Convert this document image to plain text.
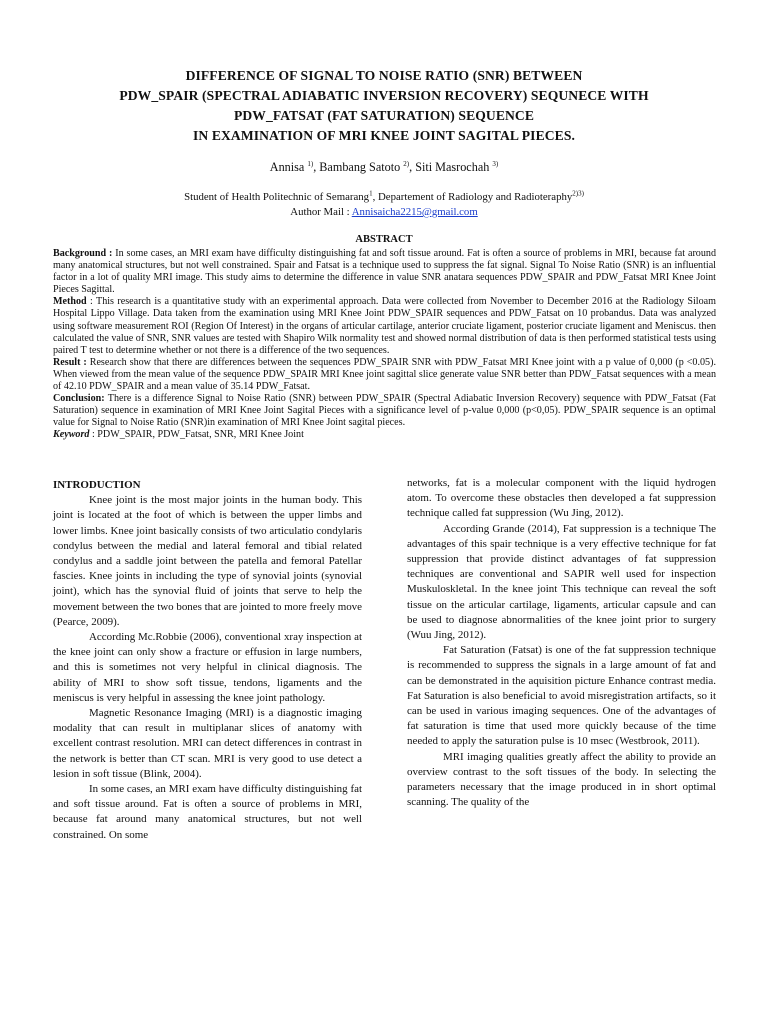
DIFFERENCE OF SIGNAL TO NOISE RATIO (SNR) BETWEEN
PDW_SPAIR (SPECTRAL ADIABATIC INVERSION RECOVERY) SEQUNECE WITH
PDW_FATSAT (FAT SATURATION) SEQUENCE
IN EXAMINATION OF MRI KNEE JOINT SAGITAL PIECES.
Annisa $^{1)}$, Bambang Satoto $^{2)}$, Siti Masrochah $^{3)}$
Student of Health Politechnic of Semarang$^1$, Departement of Radiology and Radioteraphy$^{2)3)}$
Author Mail : Annisaicha2215@gmail.com
ABSTRACT

Background : In some cases, an MRI exam have difficulty distinguishing fat and soft tissue around. Fat is often a source of problems in MRI, because fat around many anatomical structures, but not well constrained. Spair and Fatsat is a technique used to suppress the fat signal. Signal To Noise Ratio (SNR) is an influential factor in a lot of quality MRI image. This study aims to determine the difference in value SNR anatara sequences PDW_SPAIR and PDW_Fatsat MRI Knee Joint Pieces Sagittal.

Method : This research is a quantitative study with an experimental approach. Data were collected from November to December 2016 at the Radiology Siloam Hospital Lippo Village. Data taken from the examination using MRI Knee Joint PDW_SPAIR sequences and PDW_Fatsat on 10 probandus. Data was analyzed using software measurement ROI (Region Of Interest) in the organs of articular cartilage, anterior cruciate ligament, posterior cruciate ligament and Meniscus. then calculated the value of SNR, SNR values are tested with Shapiro Wilk normality test and showed normal distribution of data is then performed statistical tests using paired T test to determine whether or not there is a difference of the two sequences.

Result : Research show that there are differences between the sequences PDW_SPAIR SNR with PDW_Fatsat MRI Knee joint with a p value of 0,000 (p <0.05). When viewed from the mean value of the sequence PDW_SPAIR MRI Knee joint sagittal slice generate value SNR better than PDW_Fatsat sequences with a mean of 42.10 PDW_SPAIR and a mean value of 35.14 PDW_Fatsat.

Conclusion: There is a difference Signal to Noise Ratio (SNR) between PDW_SPAIR (Spectral Adiabatic Inversion Recovery) sequence with PDW_Fatsat (Fat Saturation) sequence in examination of MRI Knee Joint Sagital Pieces with a significance level of p-value 0,000 (p<0,05). PDW_SPAIR sequence is an optimal value for Signal to Noise Ratio (SNR)in examination of MRI Knee Joint sagital pieces.

Keyword : PDW_SPAIR, PDW_Fatsat, SNR, MRI Knee Joint

INTRODUCTION

Knee joint is the most major joints in the human body. This joint is located at the foot of which is between the upper limbs and lower limbs. Knee joint basically consists of two articulatio condylaris condylus between the medial and lateral femoral and tibial related condylus and a saddle joint between the patella and femoral Patellar fascies. Knee joints in including the type of synovial joints (synovial joint), which has the synovial fluid of joints that serve to help the movement between the two bones that are jointed to more freely move (Pearce, 2009).

According Mc.Robbie (2006), conventional xray inspection at the knee joint can only show a fracture or effusion in large numbers, and this is sometimes not very helpful in clinical diagnosis. The ability of MRI to show soft tissue, tendons, ligaments and the meniscus is very helpful in assessing the knee joint pathology.

Magnetic Resonance Imaging (MRI) is a diagnostic imaging modality that can result in multiplanar slices of anatomy with excellent contrast resolution. MRI can detect differences in contrast in the network is better than CT scan. MRI is very good to use detect a lesion in soft tissue (Blink, 2004).

In some cases, an MRI exam have difficulty distinguishing fat and soft tissue around. Fat is often a source of problems in MRI, because fat around many anatomical structures, but not well constrained. On some

networks, fat is a molecular component with the liquid hydrogen atom. To overcome these obstacles then developed a fat suppression technique called fat suppression (Wu Jing, 2012).

According Grande (2014), Fat suppression is a technique The advantages of this spair technique is a very effective technique for fat suppression that provide distinct advantages of fat suppression techniques are conventional and SAPIR well used for inspection Muskuloskletal. In the knee joint This technique can reveal the soft tissue on the articular cartilage, ligaments, articular capsule and can be used to diagnose abnormalities of the knee joint prior to surgery (Wuu Jing, 2012).

Fat Saturation (Fatsat) is one of the fat suppression technique is recommended to suppress the signals in a large amount of fat and can be demonstrated in the aquisition picture Enhance contrast media. Fat Saturation is also beneficial to avoid misregistration artifacts, so it can be used in various imaging sequences. One of the advantages of fat saturation is time that used more quickly because of the time needed to apply the saturation pulse is 10 msec (Westbrook, 2011).

MRI imaging qualities greatly affect the ability to provide an overview contrast to the soft tissues of the body. In selecting the parameters necessary that the image produced in in short optimal scanning. The quality of the
